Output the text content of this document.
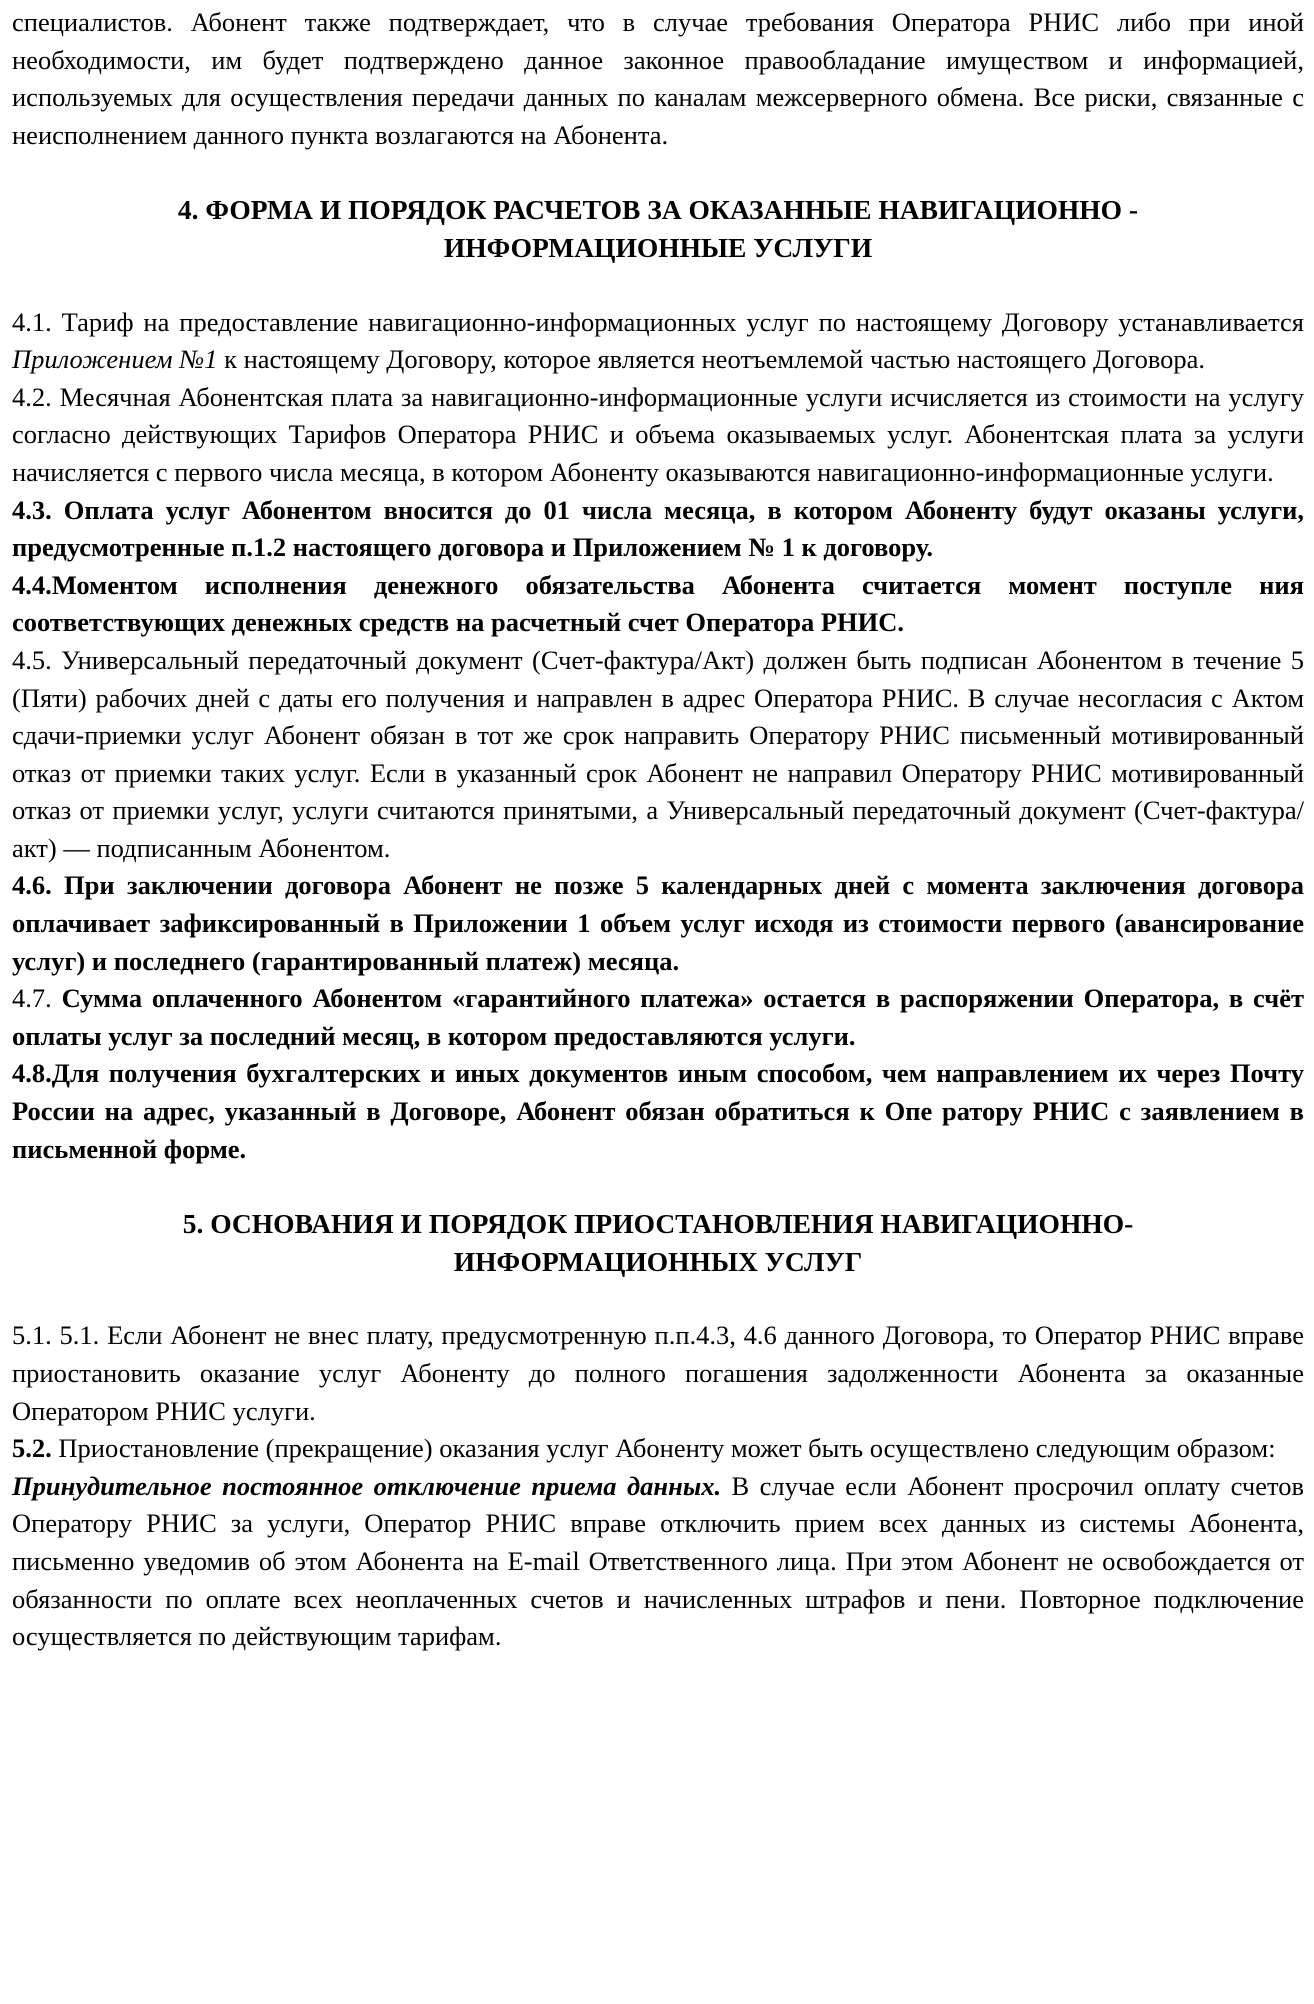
специалистов. Абонент также подтверждает, что в случае требования Оператора РНИС либо при иной необходимости, им будет подтверждено данное законное правообладание имуществом и информацией, используемых для осуществления передачи данных по каналам межсерверного обмена. Все риски, связанные с неисполнением данного пункта возлагаются на Абонента.

4. ФОРМА И ПОРЯДОК РАСЧЕТОВ ЗА ОКАЗАННЫЕ НАВИГАЦИОННО -
ИНФОРМАЦИОННЫЕ УСЛУГИ

4.1. Тариф на предоставление навигационно-информационных услуг по настоящему Договору устанавливается Приложением №1 к настоящему Договору, которое является неотъемлемой частью настоящего Договора.

4.2. Месячная Абонентская плата за навигационно-информационные услуги исчисляется из стоимости на услугу согласно действующих Тарифов Оператора РНИС и объема оказываемых услуг. Абонентская плата за услуги начисляется с первого числа месяца, в котором Абоненту оказываются навигационно-информационные услуги.

4.3. Оплата услуг Абонентом вносится до 01 числа месяца, в котором Абоненту будут оказаны услуги, предусмотренные п.1.2 настоящего договора и Приложением № 1 к договору.

4.4.Моментом исполнения денежного обязательства Абонента считается момент поступле ния соответствующих денежных средств на расчетный счет Оператора РНИС.

4.5. Универсальный передаточный документ (Счет-фактура/Акт) должен быть подписан Абонентом в течение 5 (Пяти) рабочих дней с даты его получения и направлен в адрес Оператора РНИС. В случае несогласия с Актом сдачи-приемки услуг Абонент обязан в тот же срок направить Оператору РНИС письменный мотивированный отказ от приемки таких услуг. Если в указанный срок Абонент не направил Оператору РНИС мотивированный отказ от приемки услуг, услуги считаются принятыми, а Универсальный передаточный документ (Счет-фактура/акт) — подписанным Абонентом.

4.6. При заключении договора Абонент не позже 5 календарных дней с момента заключения договора оплачивает зафиксированный в Приложении 1 объем услуг исходя из стоимости первого (авансирование услуг) и последнего (гарантированный платеж) месяца.

4.7. Сумма оплаченного Абонентом «гарантийного платежа» остается в распоряжении Оператора, в счёт оплаты услуг за последний месяц, в котором предоставляются услуги.

4.8.Для получения бухгалтерских и иных документов иным способом, чем направлением их через Почту России на адрес, указанный в Договоре, Абонент обязан обратиться к Опе ратору РНИС с заявлением в письменной форме.

5. ОСНОВАНИЯ И ПОРЯДОК ПРИОСТАНОВЛЕНИЯ НАВИГАЦИОННО-
ИНФОРМАЦИОННЫХ УСЛУГ

5.1. 5.1. Если Абонент не внес плату, предусмотренную п.п.4.3, 4.6 данного Договора, то Оператор РНИС вправе приостановить оказание услуг Абоненту до полного погашения задолженности Абонента за оказанные Оператором РНИС услуги.

5.2. Приостановление (прекращение) оказания услуг Абоненту может быть осуществлено следующим образом:

Принудительное постоянное отключение приема данных. В случае если Абонент просрочил оплату счетов Оператору РНИС за услуги, Оператор РНИС вправе отключить прием всех данных из системы Абонента, письменно уведомив об этом Абонента на E-mail Ответственного лица. При этом Абонент не освобождается от обязанности по оплате всех неоплаченных счетов и начисленных штрафов и пени. Повторное подключение осуществляется по действующим тарифам.
